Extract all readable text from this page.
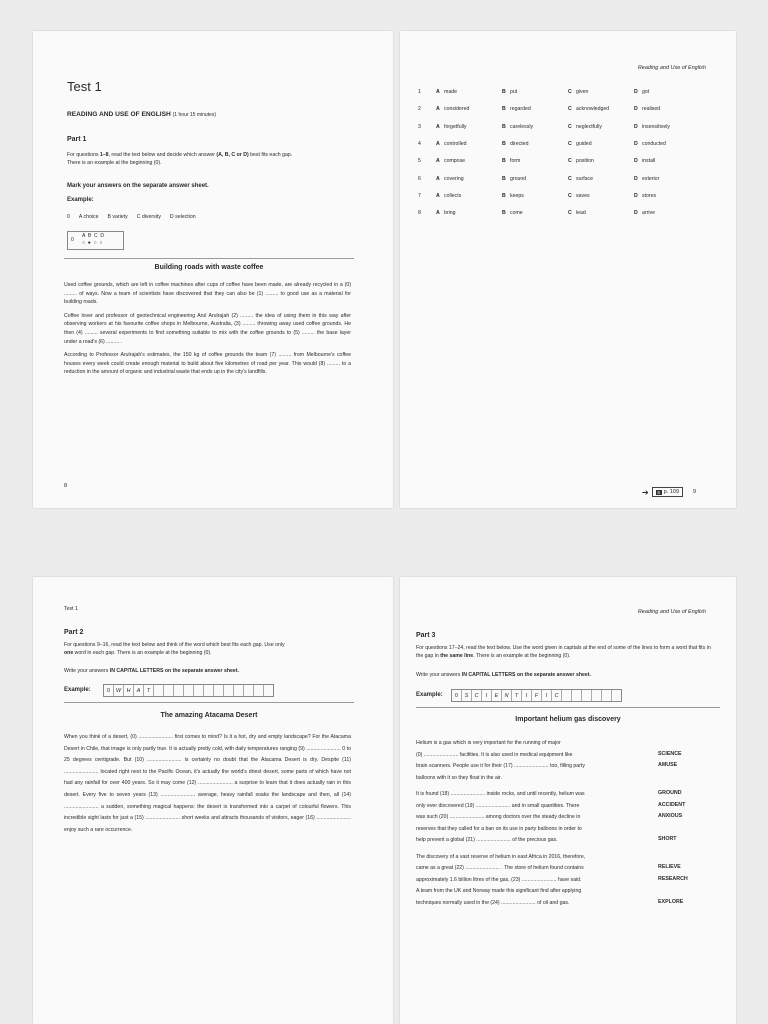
Test 1
READING AND USE OF ENGLISH (1 hour 15 minutes)
Part 1
For questions 1–8, read the text below and decide which answer (A, B, C or D) best fits each gap.
There is an example at the beginning (0).
Mark your answers on the separate answer sheet.
Example:
0 A choice B variety C diversity D selection
0
A  B  C  D
○  ●  ○  ○
Building roads with waste coffee

Used coffee grounds, which are left in coffee machines after cups of coffee have been made, are already recycled in a (0) ......... of ways. Now a team of scientists have discovered that they can also be (1) ......... to good use as a material for building roads.

Coffee lover and professor of geotechnical engineering Arul Arulrajah (2) ......... the idea of using them in this way after observing workers at his favourite coffee shops in Melbourne, Australia, (3) ......... throwing away used coffee grounds. He then (4) ......... several experiments to find something suitable to mix with the coffee grounds to (5) ......... the base layer under a road's (6) ......... .

According to Professor Arulrajah's estimates, the 150 kg of coffee grounds the team (7) ......... from Melbourne's coffee houses every week could create enough material to build about five kilometres of road per year. This would (8) ......... to a reduction in the amount of organic and industrial waste that ends up in the city's landfills.

8
Reading and Use of English
1	A made	B put	C given	D got
2	A considered	B regarded	C acknowledged	D realised
3	A forgetfully	B carelessly	C neglectfully	D insensitively
4	A controlled	B directed	C guided	D conducted
5	A compose	B form	C position	D install
6	A covering	B ground	C surface	D exterior
7	A collects	B keeps	C saves	D stores
8	A bring	B come	C lead	D arrive
➔	S p. 109	9
Test 1
Part 2
For questions 9–16, read the text below and think of the word which best fits each gap. Use only
one word in each gap. There is an example at the beginning (0).
Write your answers IN CAPITAL LETTERS on the separate answer sheet.
Example:	0	W	H	A	T
The amazing Atacama Desert
When you think of a desert, (0) ........................ first comes to mind? Is it a hot, dry and empty landscape? For the Atacama Desert in Chile, that image is only partly true. It is actually pretty cold, with daily temperatures ranging (9) ........................ 0 to 25 degrees centigrade. But (10) ........................ is certainly no doubt that the Atacama Desert is dry. Despite (11) ........................ located right next to the Pacific Ocean, it's actually the world's driest desert, some parts of which have not had any rainfall for over 400 years. So it may come (12) ........................ a surprise to learn that it does actually rain in this desert. Every five to seven years (13) ........................ average, heavy rainfall soaks the landscape and then, all (14) ........................ a sudden, something magical happens: the desert is transformed into a carpet of colourful flowers. This incredible sight lasts for just a (15) ........................ short weeks and attracts thousands of visitors, eager (16) ........................ enjoy such a rare occurrence.
Reading and Use of English
Part 3
For questions 17–24, read the text below. Use the word given in capitals at the end of some of the lines to form a word that fits in the gap in the same line. There is an example at the beginning (0).
Write your answers IN CAPITAL LETTERS on the separate answer sheet.
Example:	0	S	C	I	E	N	T	I	F	I	C
Important helium gas discovery
Helium is a gas which is very important for the running of major
(0) ........................ facilities. It is also used in medical equipment like	SCIENCE
brain scanners. People use it for their (17) ........................ too, filling party	AMUSE
balloons with it so they float in the air.
It is found (18) ........................ inside rocks, and until recently, helium was	GROUND
only ever discovered (19) ........................ and in small quantities. There	ACCIDENT
was such (20) ........................ among doctors over the steady decline in	ANXIOUS
reserves that they called for a ban on its use in party balloons in order to
help prevent a global (21) ........................ of the precious gas.	SHORT
The discovery of a vast reserve of helium in east Africa in 2016, therefore,
came as a great (22) ........................ . The store of helium found contains	RELIEVE
approximately 1.6 billion litres of the gas, (23) ........................ have said.	RESEARCH
A team from the UK and Norway made this significant find after applying
techniques normally used in the (24) ........................ of oil and gas.	EXPLORE
